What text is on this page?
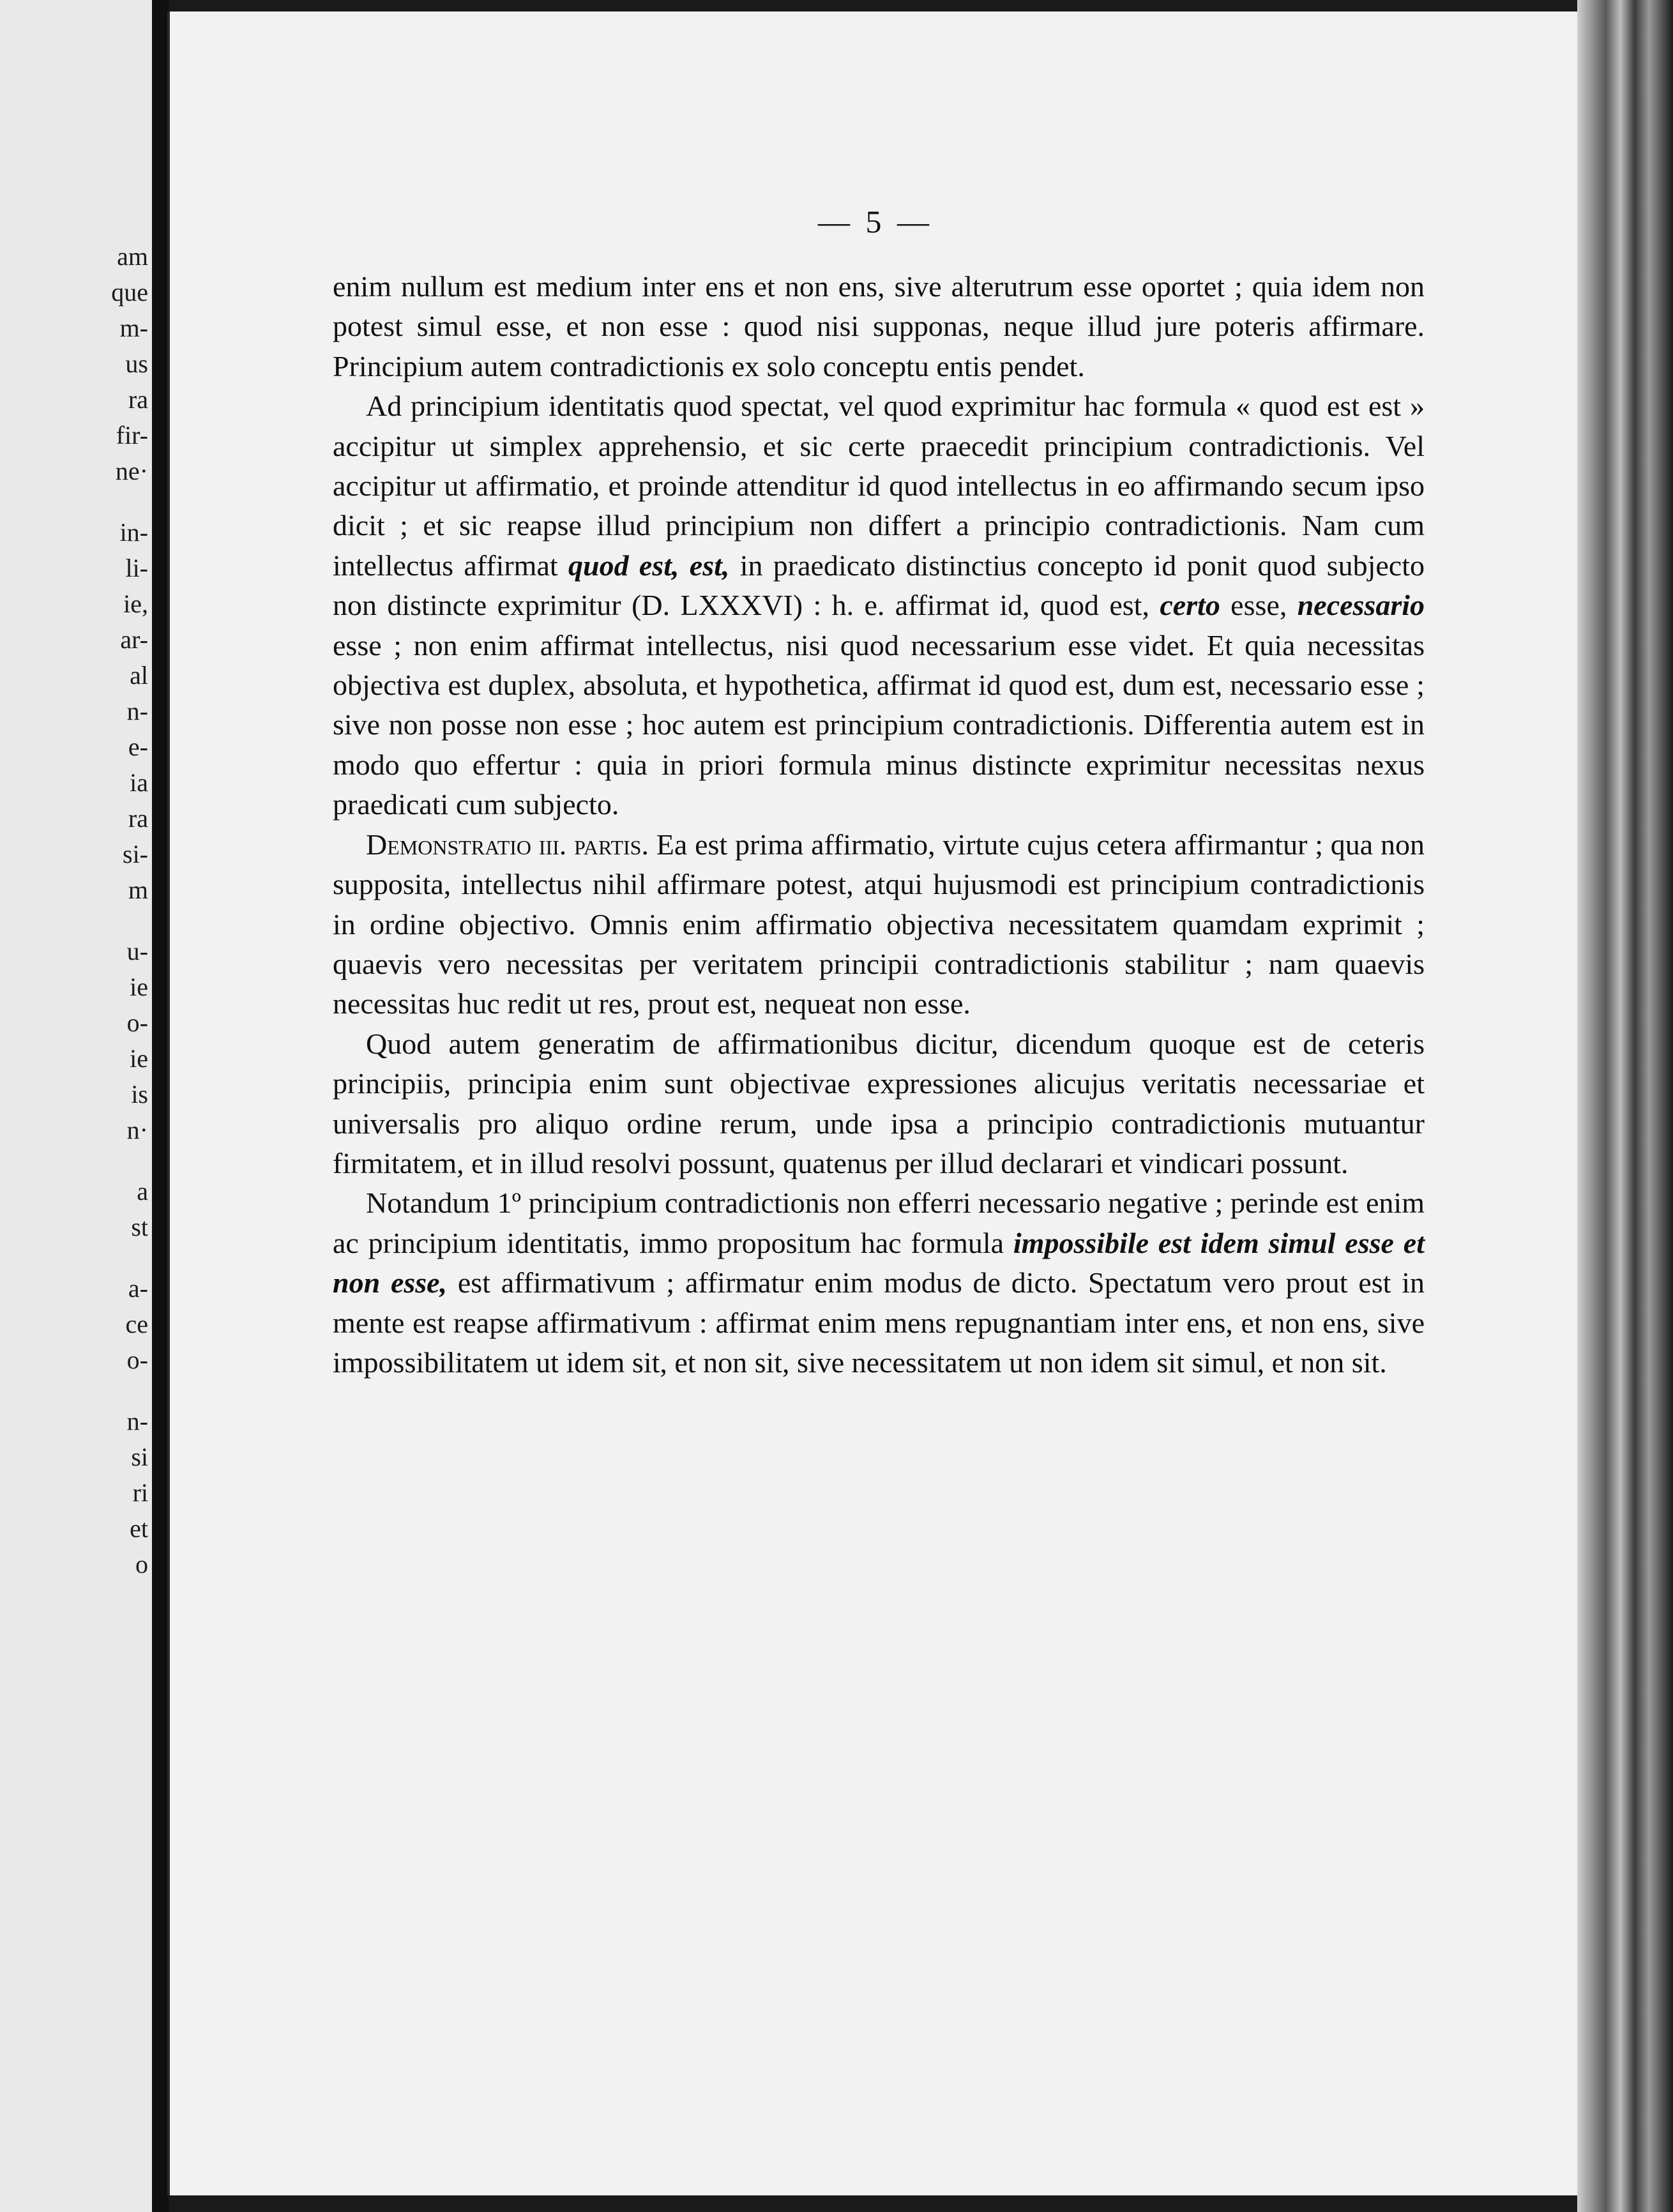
am
que
m-
us
ra
fir-
ne·
in-
li-
ie,
ar-
al
n-
e-
ia
ra
si-
m
u-
ie
o-
ie
is
n·
a
st
a-
ce
o-
n-
si
ri
et
o
— 5 —

enim nullum est medium inter ens et non ens, sive alterutrum esse oportet ; quia idem non potest simul esse, et non esse : quod nisi supponas, neque illud jure poteris affirmare. Principium autem contradictionis ex solo conceptu entis pendet.

Ad principium identitatis quod spectat, vel quod exprimitur hac formula « quod est est » accipitur ut simplex apprehensio, et sic certe praecedit principium contradictionis. Vel accipitur ut affirmatio, et proinde attenditur id quod intellectus in eo affirmando secum ipso dicit ; et sic reapse illud principium non differt a principio contradictionis. Nam cum intellectus affirmat quod est, est, in praedicato distinctius concepto id ponit quod subjecto non distincte exprimitur (D. LXXXVI) : h. e. affirmat id, quod est, certo esse, necessario esse ; non enim affirmat intellectus, nisi quod necessarium esse videt. Et quia necessitas objectiva est duplex, absoluta, et hypothetica, affirmat id quod est, dum est, necessario esse ; sive non posse non esse ; hoc autem est principium contradictionis. Differentia autem est in modo quo effertur : quia in priori formula minus distincte exprimitur necessitas nexus praedicati cum subjecto.

Demonstratio iii. partis. Ea est prima affirmatio, virtute cujus cetera affirmantur ; qua non supposita, intellectus nihil affirmare potest, atqui hujusmodi est principium contradictionis in ordine objectivo. Omnis enim affirmatio objectiva necessitatem quamdam exprimit ; quaevis vero necessitas per veritatem principii contradictionis stabilitur ; nam quaevis necessitas huc redit ut res, prout est, nequeat non esse.

Quod autem generatim de affirmationibus dicitur, dicendum quoque est de ceteris principiis, principia enim sunt objectivae expressiones alicujus veritatis necessariae et universalis pro aliquo ordine rerum, unde ipsa a principio contradictionis mutuantur firmitatem, et in illud resolvi possunt, quatenus per illud declarari et vindicari possunt.

Notandum 1º principium contradictionis non efferri necessario negative ; perinde est enim ac principium identitatis, immo propositum hac formula impossibile est idem simul esse et non esse, est affirmativum ; affirmatur enim modus de dicto. Spectatum vero prout est in mente est reapse affirmativum : affirmat enim mens repugnantiam inter ens, et non ens, sive impossibilitatem ut idem sit, et non sit, sive necessitatem ut non idem sit simul, et non sit.
